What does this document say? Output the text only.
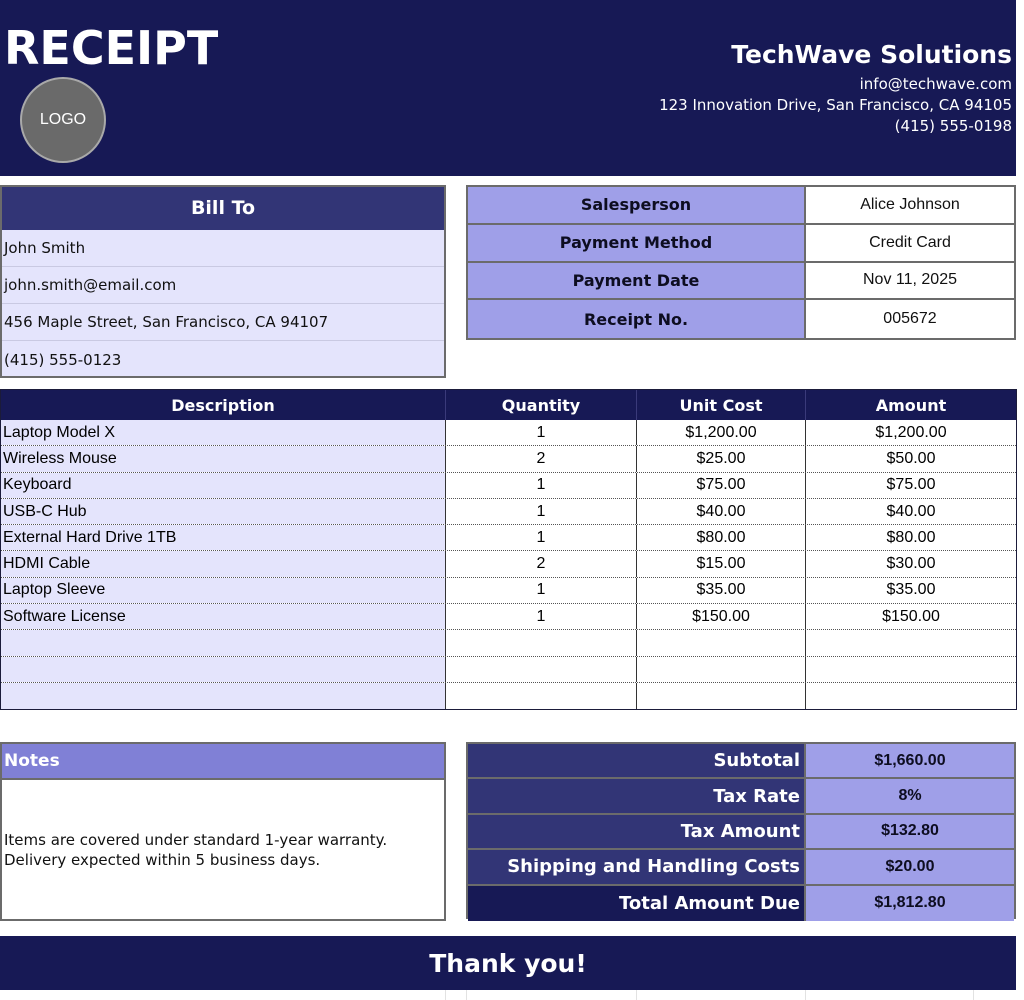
RECEIPT
LOGO
TechWave Solutions
info@techwave.com
123 Innovation Drive, San Francisco, CA 94105
(415) 555-0198
Bill To
John Smith
john.smith@email.com
456 Maple Street, San Francisco, CA 94107
(415) 555-0123
Salesperson	Alice Johnson
Payment Method	Credit Card
Payment Date	Nov 11, 2025
Receipt No.	005672
Description	Quantity	Unit Cost	Amount
Laptop Model X	1	$1,200.00	$1,200.00
Wireless Mouse	2	$25.00	$50.00
Keyboard	1	$75.00	$75.00
USB-C Hub	1	$40.00	$40.00
External Hard Drive 1TB	1	$80.00	$80.00
HDMI Cable	2	$15.00	$30.00
Laptop Sleeve	1	$35.00	$35.00
Software License	1	$150.00	$150.00
Notes
Items are covered under standard 1-year warranty.
Delivery expected within 5 business days.
Subtotal	$1,660.00
Tax Rate	8%
Tax Amount	$132.80
Shipping and Handling Costs	$20.00
Total Amount Due	$1,812.80
Thank you!
